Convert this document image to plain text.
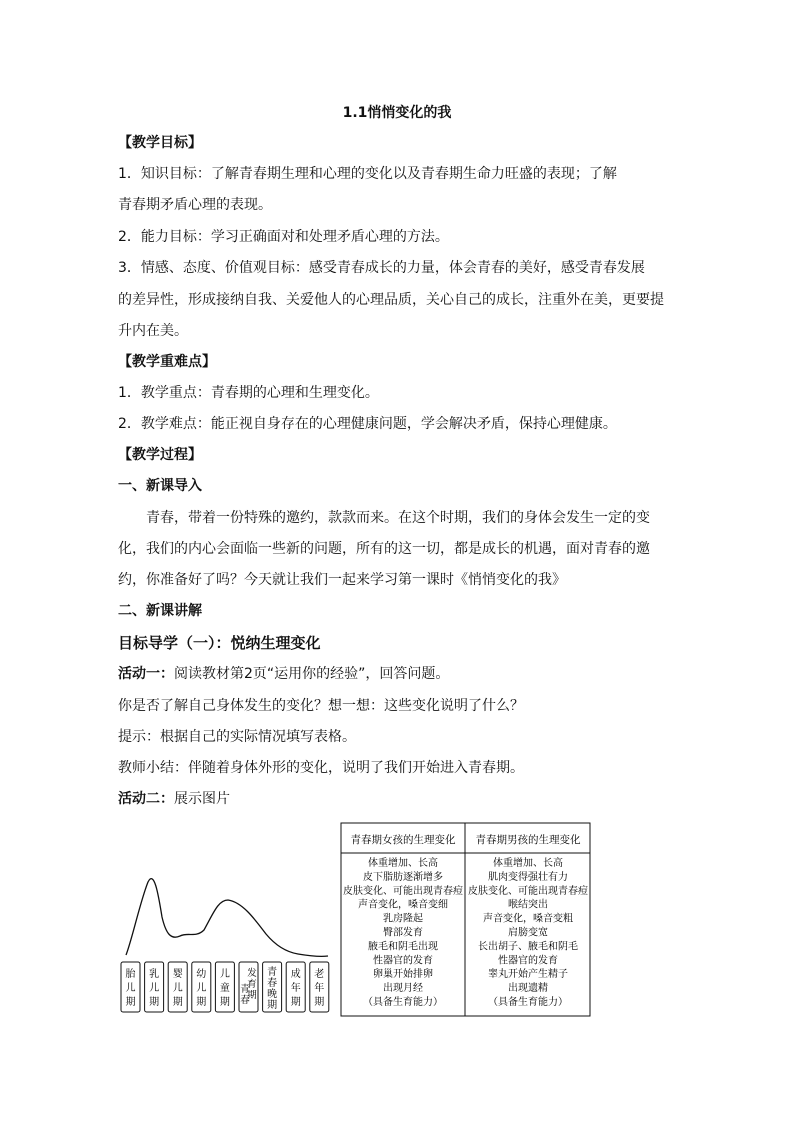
1.1悄悄变化的我
【教学目标】
1．知识目标：了解青春期生理和心理的变化以及青春期生命力旺盛的表现；了解
青春期矛盾心理的表现。
2．能力目标：学习正确面对和处理矛盾心理的方法。
3．情感、态度、价值观目标：感受青春成长的力量，体会青春的美好，感受青春发展
的差异性，形成接纳自我、关爱他人的心理品质，关心自己的成长，注重外在美，更要提
升内在美。
【教学重难点】
1．教学重点：青春期的心理和生理变化。
2．教学难点：能正视自身存在的心理健康问题，学会解决矛盾，保持心理健康。
【教学过程】
一、新课导入
青春，带着一份特殊的邀约，款款而来。在这个时期，我们的身体会发生一定的变
化，我们的内心会面临一些新的问题，所有的这一切，都是成长的机遇，面对青春的邀
约，你准备好了吗？今天就让我们一起来学习第一课时《悄悄变化的我》
二、新课讲解
目标导学（一）：悦纳生理变化
活动一：阅读教材第2页“运用你的经验”，回答问题。
你是否了解自己身体发生的变化？想一想：这些变化说明了什么？
提示：根据自己的实际情况填写表格。
教师小结：伴随着身体外形的变化，说明了我们开始进入青春期。
活动二：展示图片
胎儿期
乳儿期
婴儿期
幼儿期
儿童期
发育期
青春
青春晚期
成年期
老年期
青春期女孩的生理变化 青春期男孩的生理变化
体重增加、长高
皮下脂肪逐渐增多
皮肤变化、可能出现青春痘
声音变化，嗓音变细
乳房隆起
臀部发育
腋毛和阴毛出现
性器官的发育
卵巢开始排卵
出现月经
（具备生育能力）
体重增加、长高
肌肉变得强壮有力
皮肤变化、可能出现青春痘
喉结突出
声音变化，嗓音变粗
肩膀变宽
长出胡子、腋毛和阴毛
性器官的发育
睾丸开始产生精子
出现遗精
（具备生育能力）
